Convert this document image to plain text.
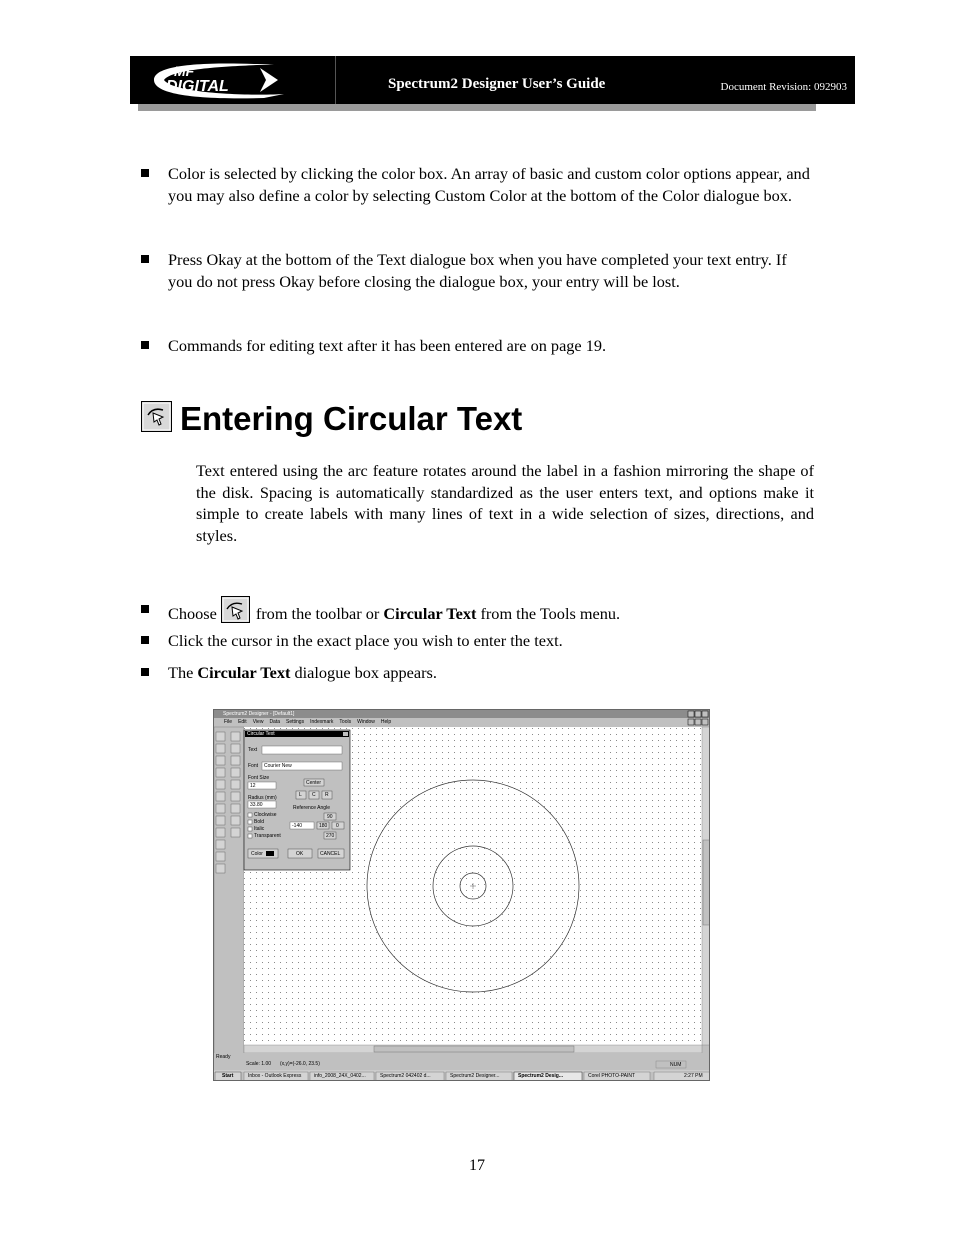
MF
DIGITAL	Spectrum2 Designer User’s Guide	Document Revision: 092903
Color is selected by clicking the color box. An array of basic and custom color options appear, and you may also define a color by selecting Custom Color at the bottom of the Color dialogue box.
Press Okay at the bottom of the Text dialogue box when you have completed your text entry. If you do not press Okay before closing the dialogue box, your entry will be lost.
Commands for editing text after it has been entered are on page 19.
Entering Circular Text
Text entered using the arc feature rotates around the label in a fashion mirroring the shape of the disk. Spacing is automatically standardized as the user enters text, and options make it simple to create labels with many lines of text in a wide selection of sizes, directions, and styles.
Choose from the toolbar or Circular Text from the Tools menu.
Click the cursor in the exact place you wish to enter the text.
The Circular Text dialogue box appears.
Spectrum2 Designer - [Default1]
File Edit View Data Settings Indexmark Tools Window Help
Circular Text
Text
Font Courier New
Font Size
12	Center
L C R
Radius (mm)
33.80	Reference Angle
90
-140	180 0
270
Clockwise
Bold
Italic
Transparent
Color	OK	CANCEL
Ready
Scale: 1.00 (x,y)=(-26.0, 23.5)	NUM
Start	Inbox - Outlook Express	info_2008_24X_0402...	Spectrum2 042402 d...	Spectrum2 Designer...	Spectrum2 Desig...	Corel PHOTO-PAINT	2:27 PM
17
